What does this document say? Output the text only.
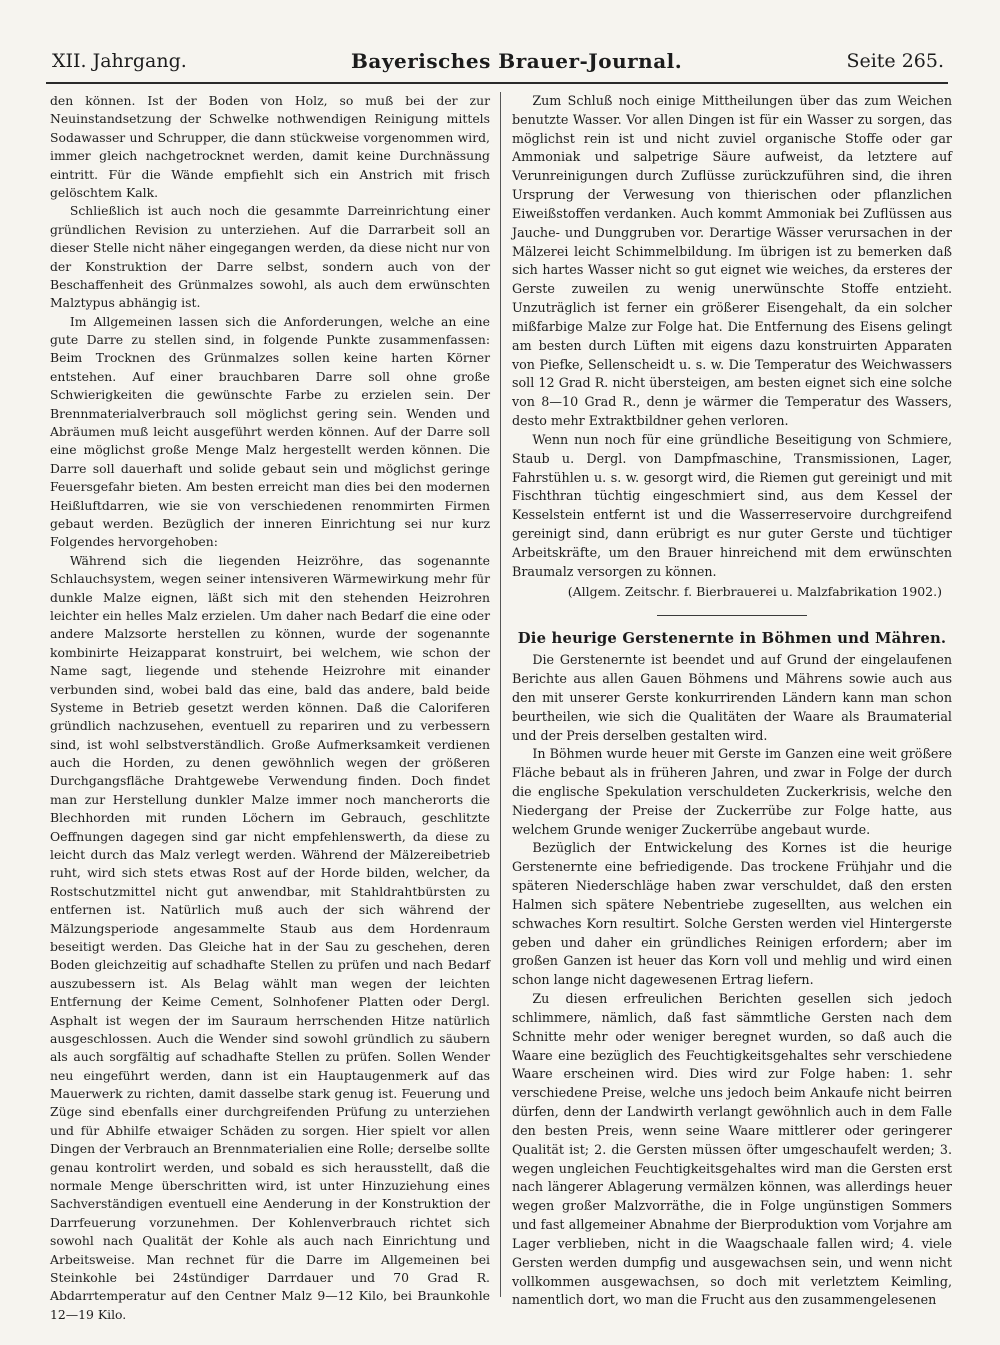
XII. Jahrgang.	Bayerisches Brauer-Journal.	Seite 265.

den können. Ist der Boden von Holz, so muß bei der zur Neuinstandsetzung der Schwelke nothwendigen Reinigung mittels Sodawasser und Schrupper, die dann stückweise vorgenommen wird, immer gleich nachgetrocknet werden, damit keine Durchnässung eintritt. Für die Wände empfiehlt sich ein Anstrich mit frisch gelöschtem Kalk.

Schließlich ist auch noch die gesammte Darreinrichtung einer gründlichen Revision zu unterziehen. Auf die Darrarbeit soll an dieser Stelle nicht näher eingegangen werden, da diese nicht nur von der Konstruktion der Darre selbst, sondern auch von der Beschaffenheit des Grünmalzes sowohl, als auch dem erwünschten Malztypus abhängig ist.

Im Allgemeinen lassen sich die Anforderungen, welche an eine gute Darre zu stellen sind, in folgende Punkte zusammenfassen: Beim Trocknen des Grünmalzes sollen keine harten Körner entstehen. Auf einer brauchbaren Darre soll ohne große Schwierigkeiten die gewünschte Farbe zu erzielen sein. Der Brennmaterialverbrauch soll möglichst gering sein. Wenden und Abräumen muß leicht ausgeführt werden können. Auf der Darre soll eine möglichst große Menge Malz hergestellt werden können. Die Darre soll dauerhaft und solide gebaut sein und möglichst geringe Feuersgefahr bieten. Am besten erreicht man dies bei den modernen Heißluftdarren, wie sie von verschiedenen renommirten Firmen gebaut werden. Bezüglich der inneren Einrichtung sei nur kurz Folgendes hervorgehoben:

Während sich die liegenden Heizröhre, das sogenannte Schlauchsystem, wegen seiner intensiveren Wärmewirkung mehr für dunkle Malze eignen, läßt sich mit den stehenden Heizrohren leichter ein helles Malz erzielen. Um daher nach Bedarf die eine oder andere Malzsorte herstellen zu können, wurde der sogenannte kombinirte Heizapparat konstruirt, bei welchem, wie schon der Name sagt, liegende und stehende Heizrohre mit einander verbunden sind, wobei bald das eine, bald das andere, bald beide Systeme in Betrieb gesetzt werden können. Daß die Caloriferen gründlich nachzusehen, eventuell zu repariren und zu verbessern sind, ist wohl selbstverständlich. Große Aufmerksamkeit verdienen auch die Horden, zu denen gewöhnlich wegen der größeren Durchgangsfläche Drahtgewebe Verwendung finden. Doch findet man zur Herstellung dunkler Malze immer noch mancherorts die Blechhorden mit runden Löchern im Gebrauch, geschlitzte Oeffnungen dagegen sind gar nicht empfehlenswerth, da diese zu leicht durch das Malz verlegt werden. Während der Mälzereibetrieb ruht, wird sich stets etwas Rost auf der Horde bilden, welcher, da Rostschutzmittel nicht gut anwendbar, mit Stahldrahtbürsten zu entfernen ist. Natürlich muß auch der sich während der Mälzungsperiode angesammelte Staub aus dem Hordenraum beseitigt werden. Das Gleiche hat in der Sau zu geschehen, deren Boden gleichzeitig auf schadhafte Stellen zu prüfen und nach Bedarf auszubessern ist. Als Belag wählt man wegen der leichten Entfernung der Keime Cement, Solnhofener Platten oder Dergl. Asphalt ist wegen der im Sauraum herrschenden Hitze natürlich ausgeschlossen. Auch die Wender sind sowohl gründlich zu säubern als auch sorgfältig auf schadhafte Stellen zu prüfen. Sollen Wender neu eingeführt werden, dann ist ein Hauptaugenmerk auf das Mauerwerk zu richten, damit dasselbe stark genug ist. Feuerung und Züge sind ebenfalls einer durchgreifenden Prüfung zu unterziehen und für Abhilfe etwaiger Schäden zu sorgen. Hier spielt vor allen Dingen der Verbrauch an Brennmaterialien eine Rolle; derselbe sollte genau kontrolirt werden, und sobald es sich herausstellt, daß die normale Menge überschritten wird, ist unter Hinzuziehung eines Sachverständigen eventuell eine Aenderung in der Konstruktion der Darrfeuerung vorzunehmen. Der Kohlenverbrauch richtet sich sowohl nach Qualität der Kohle als auch nach Einrichtung und Arbeitsweise. Man rechnet für die Darre im Allgemeinen bei Steinkohle bei 24stündiger Darrdauer und 70 Grad R. Abdarrtemperatur auf den Centner Malz 9—12 Kilo, bei Braunkohle 12—19 Kilo.

Zum Schluß noch einige Mittheilungen über das zum Weichen benutzte Wasser. Vor allen Dingen ist für ein Wasser zu sorgen, das möglichst rein ist und nicht zuviel organische Stoffe oder gar Ammoniak und salpetrige Säure aufweist, da letztere auf Verunreinigungen durch Zuflüsse zurückzuführen sind, die ihren Ursprung der Verwesung von thierischen oder pflanzlichen Eiweißstoffen verdanken. Auch kommt Ammoniak bei Zuflüssen aus Jauche- und Dunggruben vor. Derartige Wässer verursachen in der Mälzerei leicht Schimmelbildung. Im übrigen ist zu bemerken daß sich hartes Wasser nicht so gut eignet wie weiches, da ersteres der Gerste zuweilen zu wenig unerwünschte Stoffe entzieht. Unzuträglich ist ferner ein größerer Eisengehalt, da ein solcher mißfarbige Malze zur Folge hat. Die Entfernung des Eisens gelingt am besten durch Lüften mit eigens dazu konstruirten Apparaten von Piefke, Sellenscheidt u. s. w. Die Temperatur des Weichwassers soll 12 Grad R. nicht übersteigen, am besten eignet sich eine solche von 8—10 Grad R., denn je wärmer die Temperatur des Wassers, desto mehr Extraktbildner gehen verloren.

Wenn nun noch für eine gründliche Beseitigung von Schmiere, Staub u. Dergl. von Dampfmaschine, Transmissionen, Lager, Fahrstühlen u. s. w. gesorgt wird, die Riemen gut gereinigt und mit Fischthran tüchtig eingeschmiert sind, aus dem Kessel der Kesselstein entfernt ist und die Wasserreservoire durchgreifend gereinigt sind, dann erübrigt es nur guter Gerste und tüchtiger Arbeitskräfte, um den Brauer hinreichend mit dem erwünschten Braumalz versorgen zu können.

(Allgem. Zeitschr. f. Bierbrauerei u. Malzfabrikation 1902.)
Die heurige Gerstenernte in Böhmen und Mähren.

Die Gerstenernte ist beendet und auf Grund der eingelaufenen Berichte aus allen Gauen Böhmens und Mährens sowie auch aus den mit unserer Gerste konkurrirenden Ländern kann man schon beurtheilen, wie sich die Qualitäten der Waare als Braumaterial und der Preis derselben gestalten wird.

In Böhmen wurde heuer mit Gerste im Ganzen eine weit größere Fläche bebaut als in früheren Jahren, und zwar in Folge der durch die englische Spekulation verschuldeten Zuckerkrisis, welche den Niedergang der Preise der Zuckerrübe zur Folge hatte, aus welchem Grunde weniger Zuckerrübe angebaut wurde.

Bezüglich der Entwickelung des Kornes ist die heurige Gerstenernte eine befriedigende. Das trockene Frühjahr und die späteren Niederschläge haben zwar verschuldet, daß den ersten Halmen sich spätere Nebentriebe zugesellten, aus welchen ein schwaches Korn resultirt. Solche Gersten werden viel Hintergerste geben und daher ein gründliches Reinigen erfordern; aber im großen Ganzen ist heuer das Korn voll und mehlig und wird einen schon lange nicht dagewesenen Ertrag liefern.

Zu diesen erfreulichen Berichten gesellen sich jedoch schlimmere, nämlich, daß fast sämmtliche Gersten nach dem Schnitte mehr oder weniger beregnet wurden, so daß auch die Waare eine bezüglich des Feuchtigkeitsgehaltes sehr verschiedene Waare erscheinen wird. Dies wird zur Folge haben: 1. sehr verschiedene Preise, welche uns jedoch beim Ankaufe nicht beirren dürfen, denn der Landwirth verlangt gewöhnlich auch in dem Falle den besten Preis, wenn seine Waare mittlerer oder geringerer Qualität ist; 2. die Gersten müssen öfter umgeschaufelt werden; 3. wegen ungleichen Feuchtigkeitsgehaltes wird man die Gersten erst nach längerer Ablagerung vermälzen können, was allerdings heuer wegen großer Malzvorräthe, die in Folge ungünstigen Sommers und fast allgemeiner Abnahme der Bierproduktion vom Vorjahre am Lager verblieben, nicht in die Waagschaale fallen wird; 4. viele Gersten werden dumpfig und ausgewachsen sein, und wenn nicht vollkommen ausgewachsen, so doch mit verletztem Keimling, namentlich dort, wo man die Frucht aus den zusammengelesenen
